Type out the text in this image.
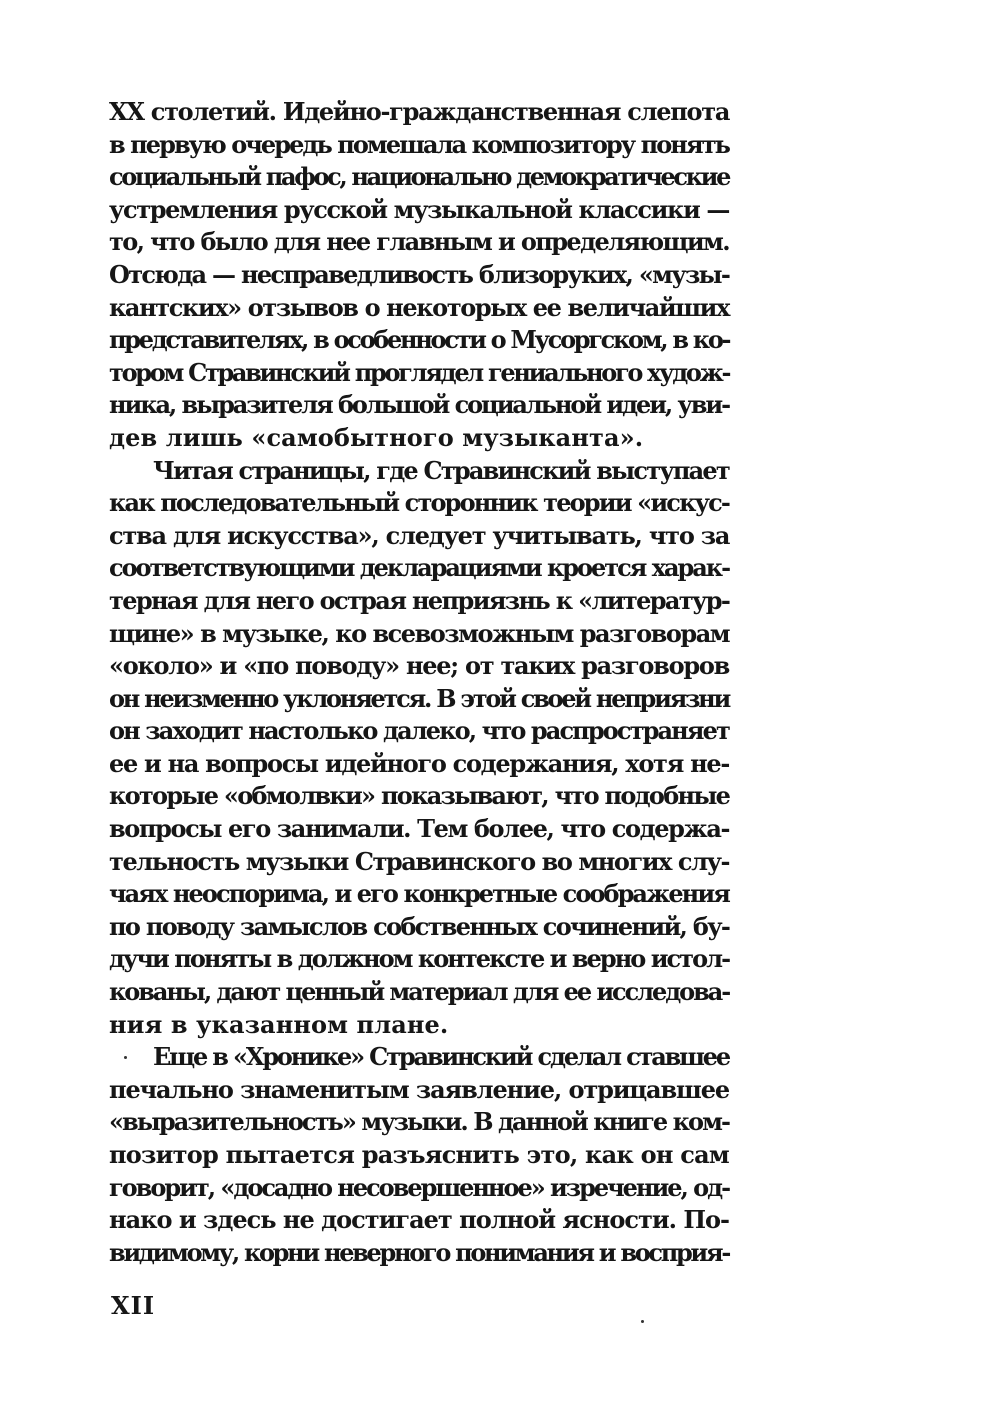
XX столетий. Идейно-гражданственная слепота
в первую очередь помешала композитору понять
социальный пафос, национально демократические
устремления русской музыкальной классики —
то, что было для нее главным и определяющим.
Отсюда — несправедливость близоруких, «музы-
кантских» отзывов о некоторых ее величайших
представителях, в особенности о Мусоргском, в ко-
тором Стравинский проглядел гениального худож-
ника, выразителя большой социальной идеи, уви-
дев лишь «самобытного музыканта».
Читая страницы, где Стравинский выступает
как последовательный сторонник теории «искус-
ства для искусства», следует учитывать, что за
соответствующими декларациями кроется харак-
терная для него острая неприязнь к «литератур-
щине» в музыке, ко всевозможным разговорам
«около» и «по поводу» нее; от таких разговоров
он неизменно уклоняется. В этой своей неприязни
он заходит настолько далеко, что распространяет
ее и на вопросы идейного содержания, хотя не-
которые «обмолвки» показывают, что подобные
вопросы его занимали. Тем более, что содержа-
тельность музыки Стравинского во многих слу-
чаях неоспорима, и его конкретные соображения
по поводу замыслов собственных сочинений, бу-
дучи поняты в должном контексте и верно истол-
кованы, дают ценный материал для ее исследова-
ния в указанном плане.
Еще в «Хронике» Стравинский сделал ставшее
печально знаменитым заявление, отрицавшее
«выразительность» музыки. В данной книге ком-
позитор пытается разъяснить это, как он сам
говорит, «досадно несовершенное» изречение, од-
нако и здесь не достигает полной ясности. По-
видимому, корни неверного понимания и восприя-
XII
